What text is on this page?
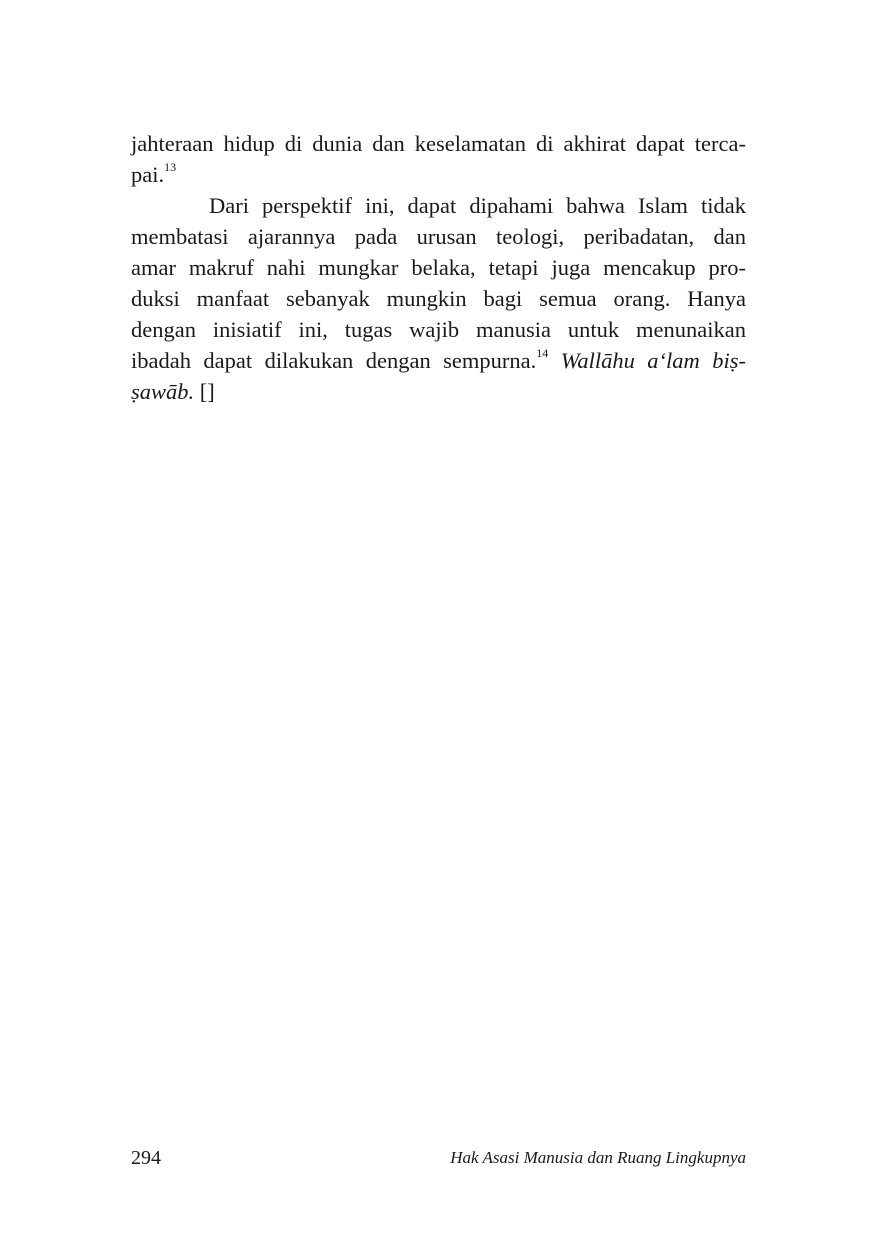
jahteraan hidup di dunia dan keselamatan di akhirat dapat terca-
pai.$^{13}$
Dari perspektif ini, dapat dipahami bahwa Islam tidak
membatasi ajarannya pada urusan teologi, peribadatan, dan
amar makruf nahi mungkar belaka, tetapi juga mencakup pro-
duksi manfaat sebanyak mungkin bagi semua orang. Hanya
dengan inisiatif ini, tugas wajib manusia untuk menunaikan
ibadah dapat dilakukan dengan sempurna.$^{14}$ Wallāhu a‘lam biṣ-
ṣawāb. []
294	Hak Asasi Manusia dan Ruang Lingkupnya
